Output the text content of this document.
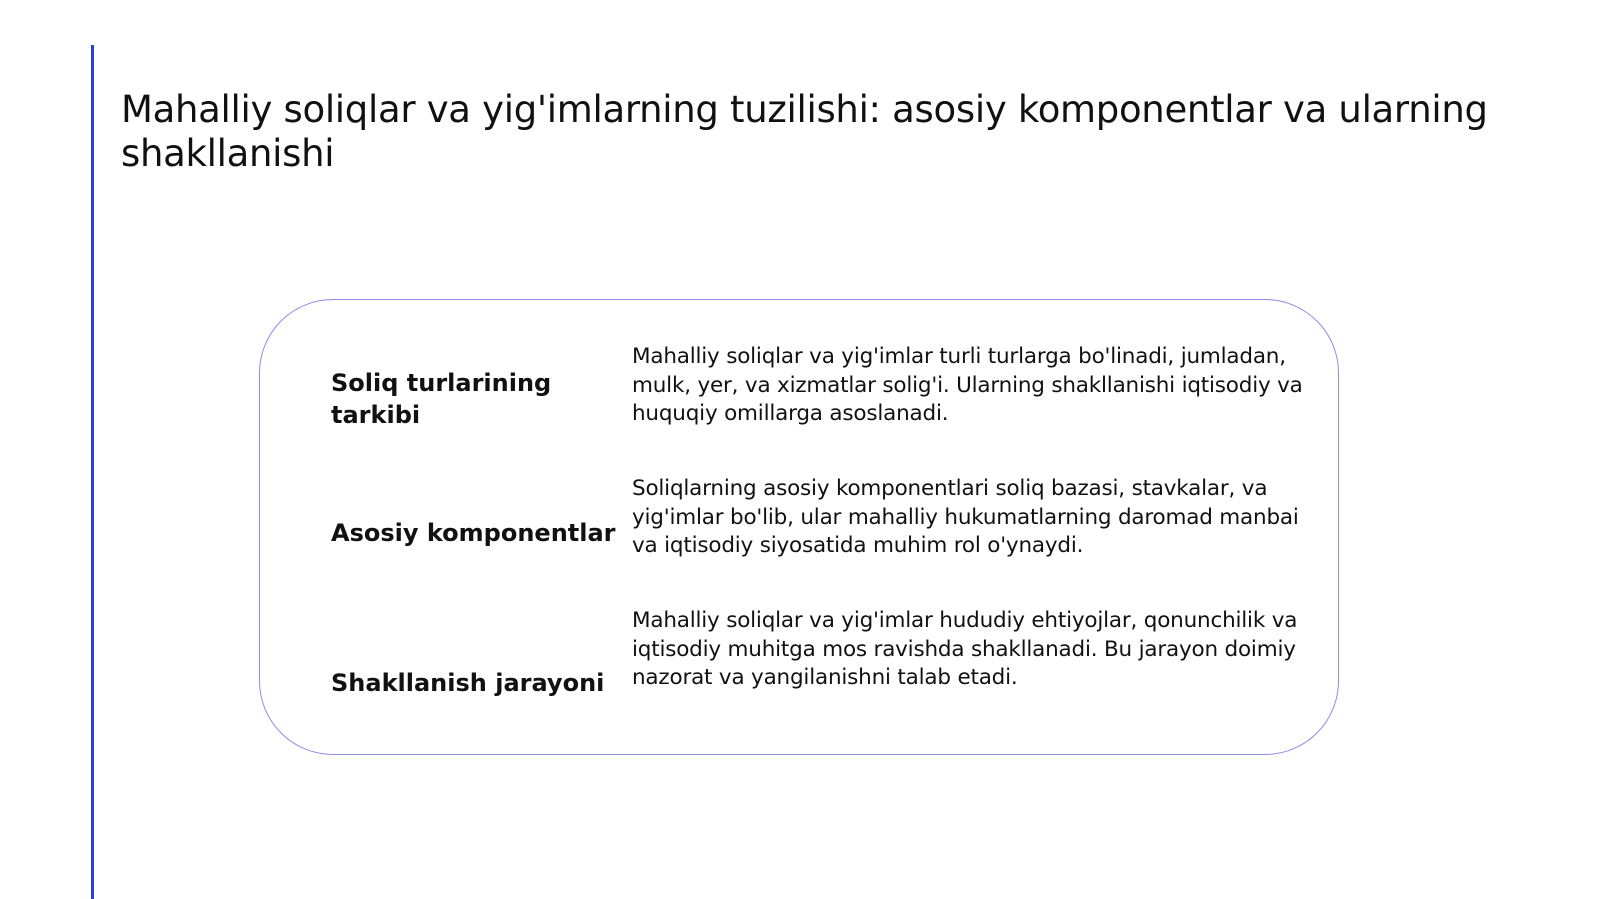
Mahalliy soliqlar va yig'imlarning tuzilishi: asosiy komponentlar va ularning shakllanishi

Soliq turlarining tarkibi

Mahalliy soliqlar va yig'imlar turli turlarga bo'linadi, jumladan, mulk, yer, va xizmatlar solig'i. Ularning shakllanishi iqtisodiy va huquqiy omillarga asoslanadi.

Asosiy komponentlar

Soliqlarning asosiy komponentlari soliq bazasi, stavkalar, va yig'imlar bo'lib, ular mahalliy hukumatlarning daromad manbai va iqtisodiy siyosatida muhim rol o'ynaydi.

Shakllanish jarayoni

Mahalliy soliqlar va yig'imlar hududiy ehtiyojlar, qonunchilik va iqtisodiy muhitga mos ravishda shakllanadi. Bu jarayon doimiy nazorat va yangilanishni talab etadi.
